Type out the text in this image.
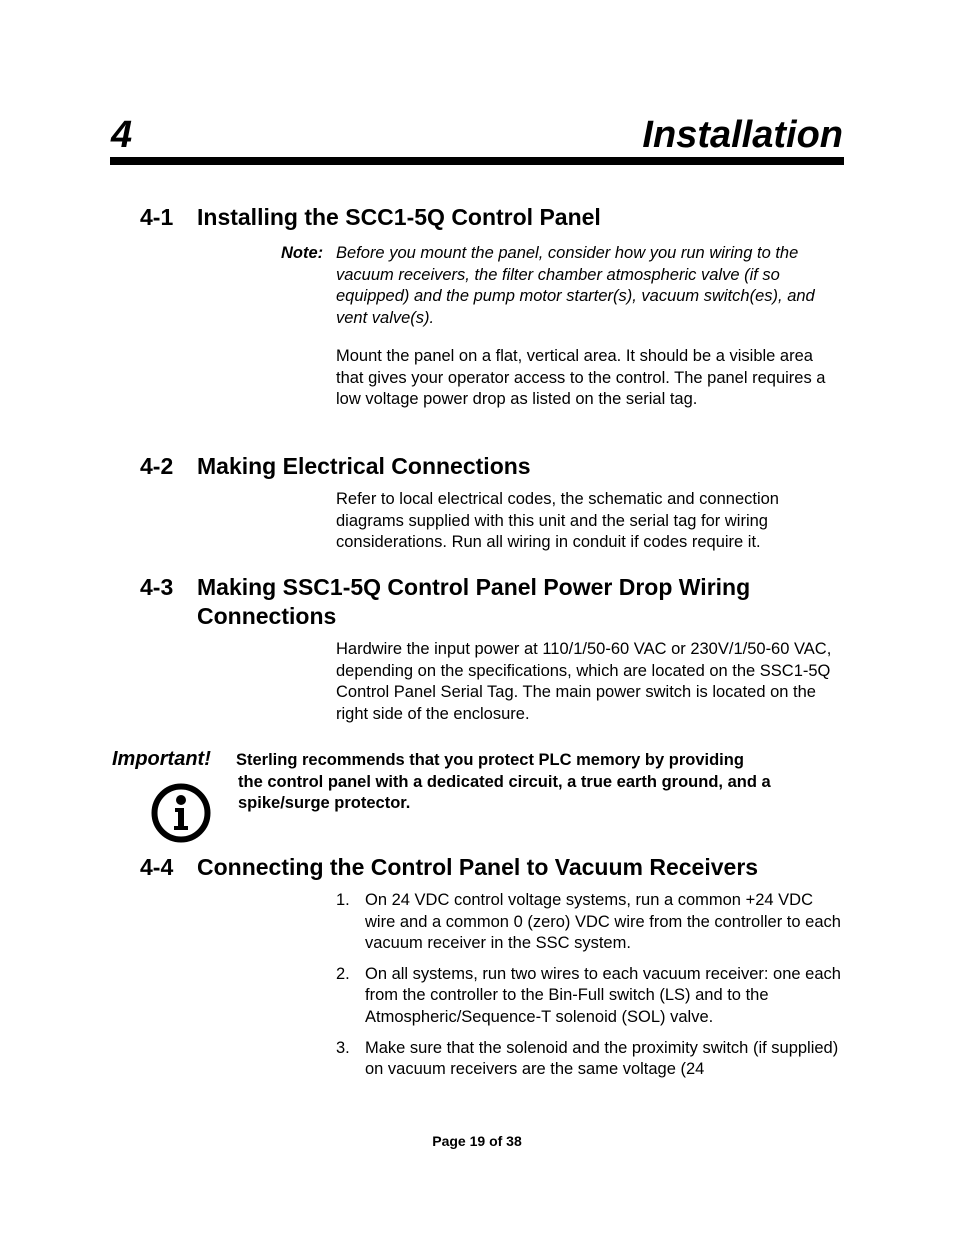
4	Installation
4-1 Installing the SCC1-5Q Control Panel
Note: Before you mount the panel, consider how you run wiring to the vacuum receivers, the filter chamber atmospheric valve (if so equipped) and the pump motor starter(s), vacuum switch(es), and vent valve(s).
Mount the panel on a flat, vertical area. It should be a visible area that gives your operator access to the control. The panel requires a low voltage power drop as listed on the serial tag.
4-2 Making Electrical Connections
Refer to local electrical codes, the schematic and connection diagrams supplied with this unit and the serial tag for wiring considerations. Run all wiring in conduit if codes require it.
4-3 Making SSC1-5Q Control Panel Power Drop Wiring Connections
Hardwire the input power at 110/1/50-60 VAC or 230V/1/50-60 VAC, depending on the specifications, which are located on the SSC1-5Q Control Panel Serial Tag. The main power switch is located on the right side of the enclosure.
Important! Sterling recommends that you protect PLC memory by providing
the control panel with a dedicated circuit, a true earth ground, and a spike/surge protector.
4-4 Connecting the Control Panel to Vacuum Receivers
1. On 24 VDC control voltage systems, run a common +24 VDC wire and a common 0 (zero) VDC wire from the controller to each vacuum receiver in the SSC system.
2. On all systems, run two wires to each vacuum receiver: one each from the controller to the Bin-Full switch (LS) and to the Atmospheric/Sequence-T solenoid (SOL) valve.
3. Make sure that the solenoid and the proximity switch (if supplied) on vacuum receivers are the same voltage (24
Page 19 of 38
